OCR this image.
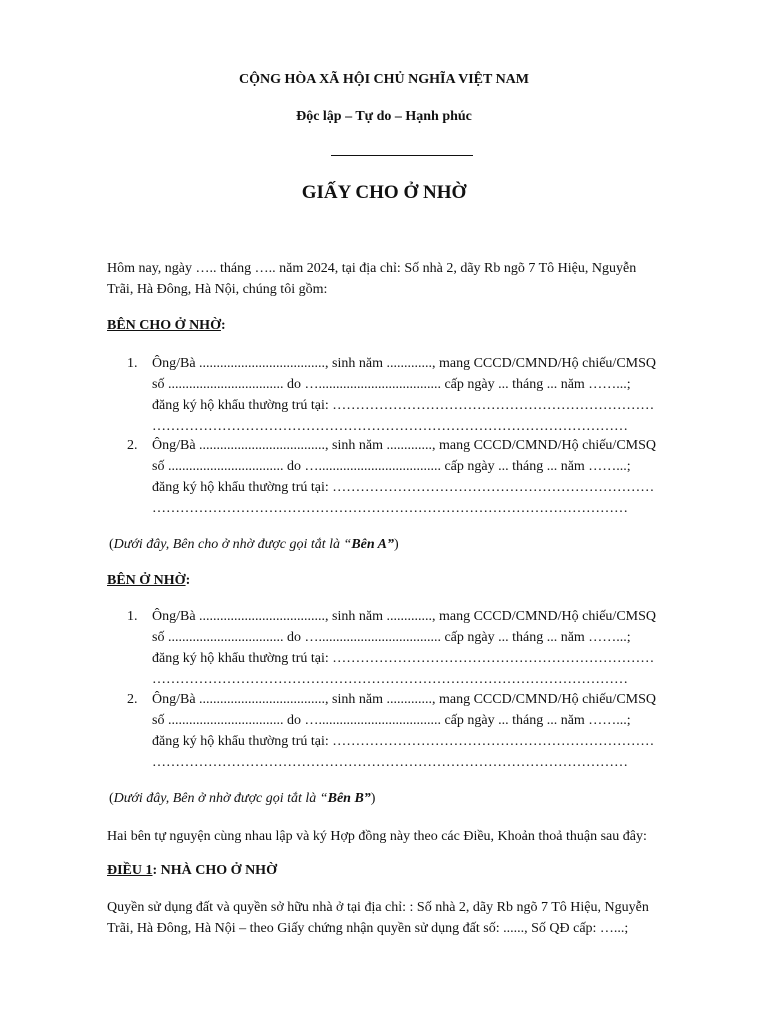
CỘNG HÒA XÃ HỘI CHỦ NGHĨA VIỆT NAM
Độc lập – Tự do – Hạnh phúc
GIẤY CHO Ở NHỜ
Hôm nay, ngày ….. tháng ….. năm 2024, tại địa chỉ: Số nhà 2, dãy Rb ngõ 7 Tô Hiệu, Nguyễn
Trãi, Hà Đông, Hà Nội, chúng tôi gồm:
BÊN CHO Ở NHỜ:
1. Ông/Bà ...................................., sinh năm ............., mang CCCD/CMND/Hộ chiếu/CMSQ
số ................................. do …................................... cấp ngày ... tháng ... năm ……...;
đăng ký hộ khẩu thường trú tại: ……………………………………………………………
…………………………………………………………………………………………
2. Ông/Bà ...................................., sinh năm ............., mang CCCD/CMND/Hộ chiếu/CMSQ
số ................................. do …................................... cấp ngày ... tháng ... năm ……...;
đăng ký hộ khẩu thường trú tại: ……………………………………………………………
…………………………………………………………………………………………
(Dưới đây, Bên cho ở nhờ được gọi tắt là “Bên A”)
BÊN Ở NHỜ:
1. Ông/Bà ...................................., sinh năm ............., mang CCCD/CMND/Hộ chiếu/CMSQ
số ................................. do …................................... cấp ngày ... tháng ... năm ……...;
đăng ký hộ khẩu thường trú tại: ……………………………………………………………
…………………………………………………………………………………………
2. Ông/Bà ...................................., sinh năm ............., mang CCCD/CMND/Hộ chiếu/CMSQ
số ................................. do …................................... cấp ngày ... tháng ... năm ……...;
đăng ký hộ khẩu thường trú tại: ……………………………………………………………
…………………………………………………………………………………………
(Dưới đây, Bên ở nhờ được gọi tắt là “Bên B”)
Hai bên tự nguyện cùng nhau lập và ký Hợp đồng này theo các Điều, Khoản thoả thuận sau đây:
ĐIỀU 1: NHÀ CHO Ở NHỜ
Quyền sử dụng đất và quyền sở hữu nhà ở tại địa chỉ: : Số nhà 2, dãy Rb ngõ 7 Tô Hiệu, Nguyễn
Trãi, Hà Đông, Hà Nội – theo Giấy chứng nhận quyền sử dụng đất số: ......, Số QĐ cấp: …...;
